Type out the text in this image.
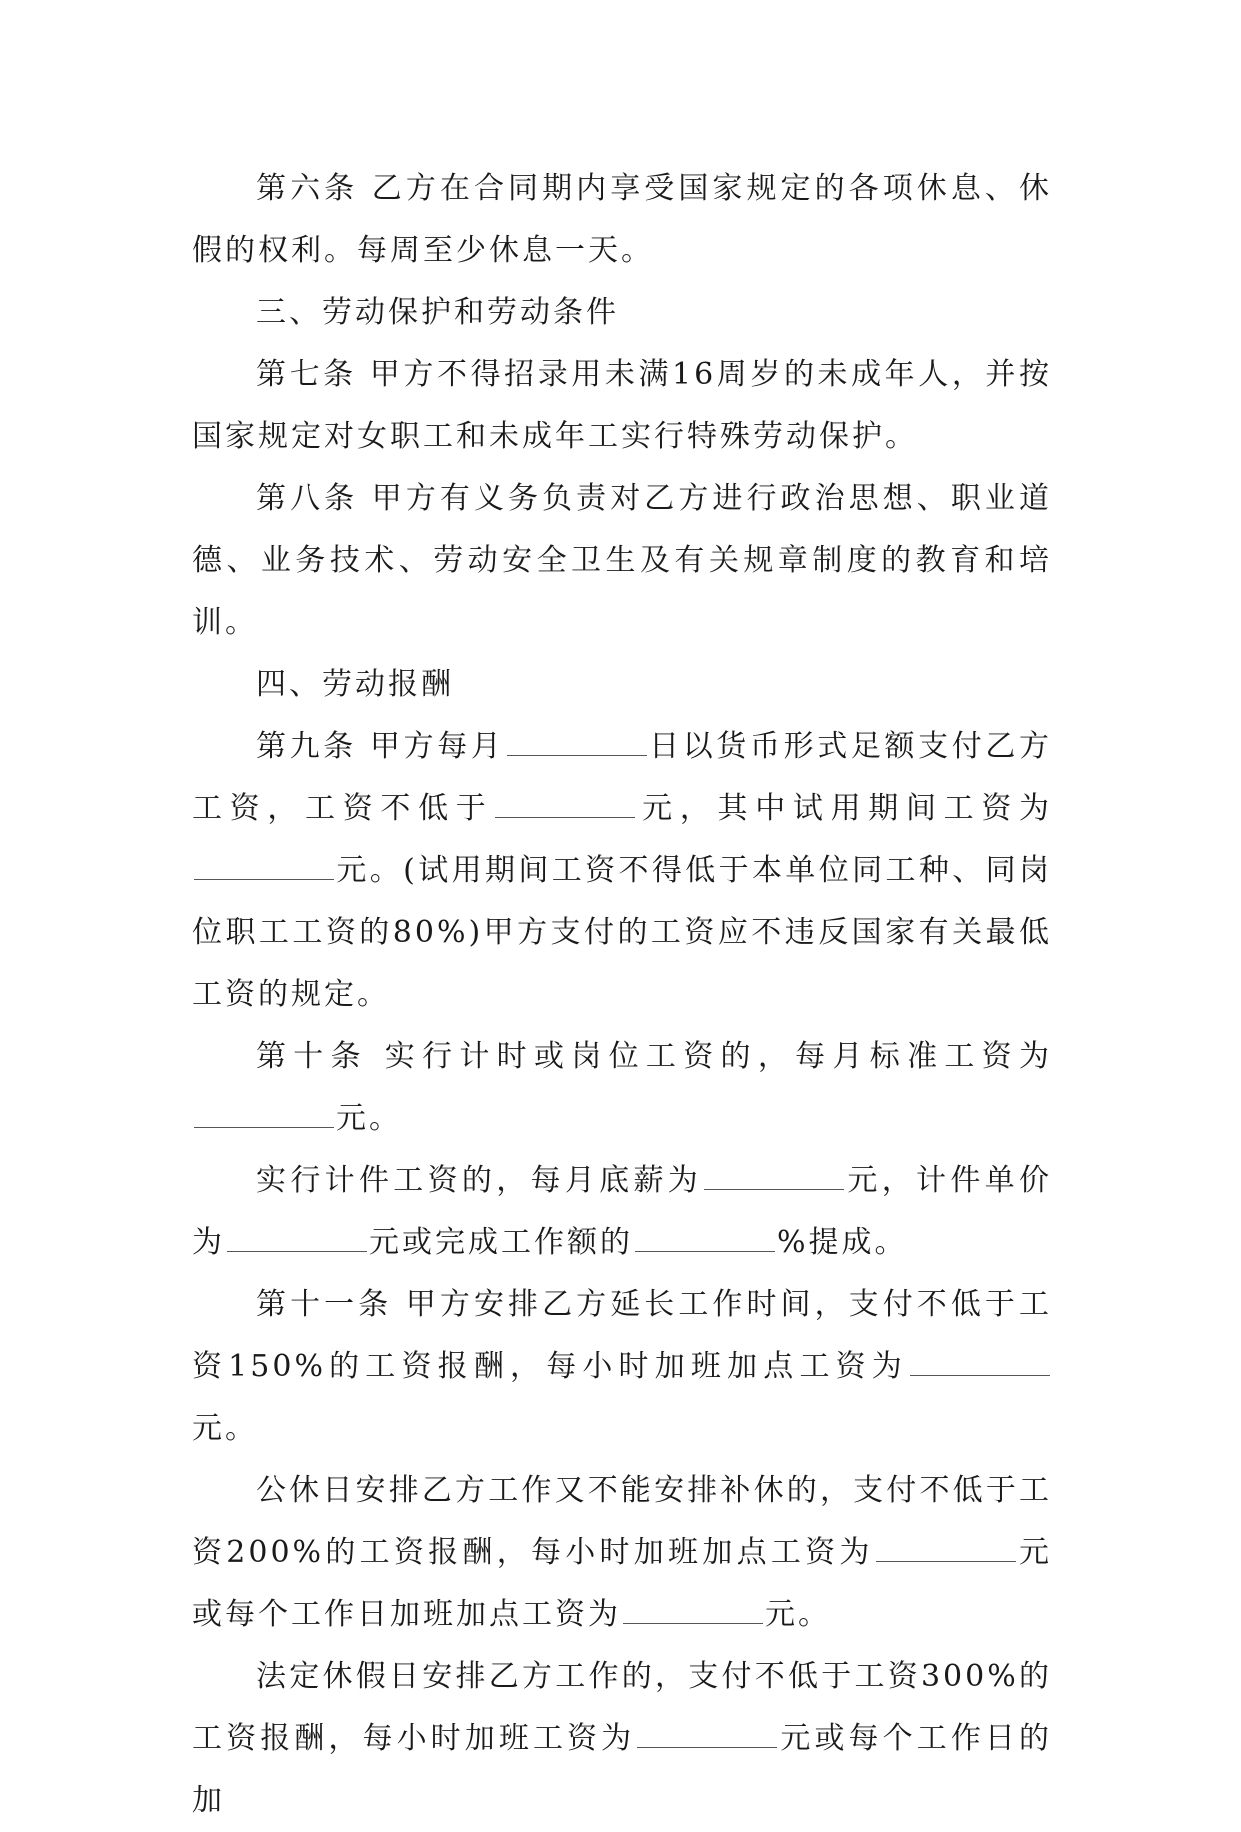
第六条 乙方在合同期内享受国家规定的各项休息、休假的权利。每周至少休息一天。

三、劳动保护和劳动条件

第七条 甲方不得招录用未满16周岁的未成年人，并按国家规定对女职工和未成年工实行特殊劳动保护。

第八条 甲方有义务负责对乙方进行政治思想、职业道德、业务技术、劳动安全卫生及有关规章制度的教育和培训。

四、劳动报酬

第九条 甲方每月	日以货币形式足额支付乙方工资，工资不低于	元，其中试用期间工资为元。(试用期间工资不得低于本单位同工种、同岗位职工工资的80%)甲方支付的工资应不违反国家有关最低工资的规定。

第十条 实行计时或岗位工资的，每月标准工资为元。

实行计件工资的，每月底薪为	元，计件单价为	元或完成工作额的	%提成。

第十一条 甲方安排乙方延长工作时间，支付不低于工资150%的工资报酬，每小时加班加点工资为元。

公休日安排乙方工作又不能安排补休的，支付不低于工资200%的工资报酬，每小时加班加点工资为	元或每个工作日加班加点工资为	元。

法定休假日安排乙方工作的，支付不低于工资300%的工资报酬，每小时加班工资为	元或每个工作日的加
